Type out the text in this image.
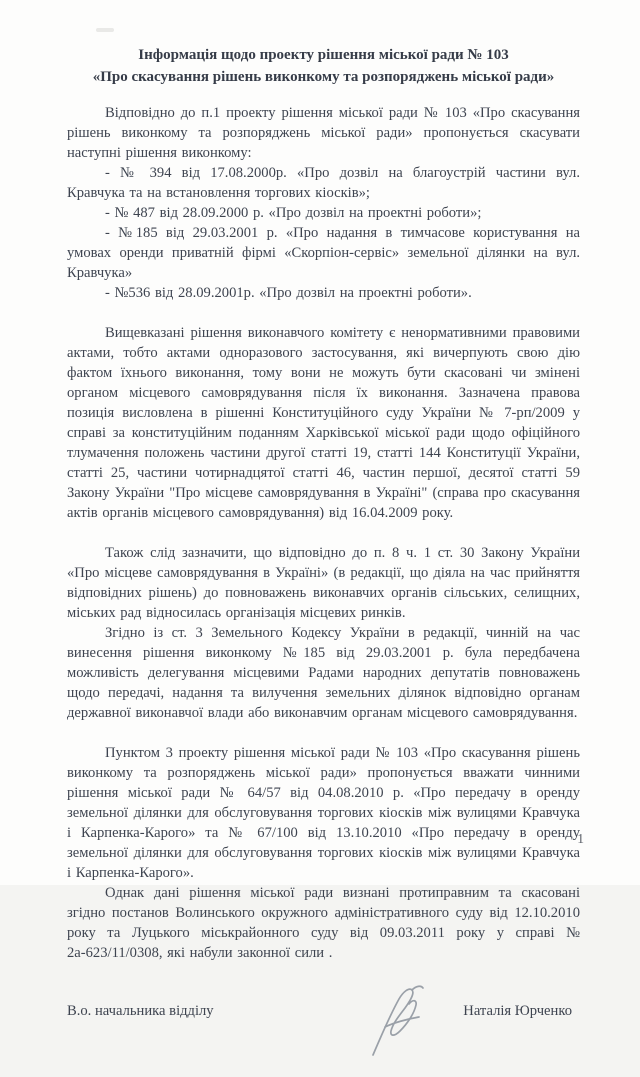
Інформація щодо проекту рішення міської ради № 103
«Про скасування рішень виконкому та розпоряджень міської ради»

Відповідно до п.1 проекту рішення міської ради № 103 «Про скасування рішень виконкому та розпоряджень міської ради» пропонується скасувати наступні рішення виконкому:

- № 394 від 17.08.2000р. «Про дозвіл на благоустрій частини вул. Кравчука та на встановлення торгових кіосків»;

- № 487 від 28.09.2000 р. «Про дозвіл на проектні роботи»;

- №185 від 29.03.2001 р. «Про надання в тимчасове користування на умовах оренди приватній фірмі «Скорпіон-сервіс» земельної ділянки на вул. Кравчука»

- №536 від 28.09.2001р. «Про дозвіл на проектні роботи».

Вищевказані рішення виконавчого комітету є ненормативними правовими актами, тобто актами одноразового застосування, які вичерпують свою дію фактом їхнього виконання, тому вони не можуть бути скасовані чи змінені органом місцевого самоврядування після їх виконання. Зазначена правова позиція висловлена в рішенні Конституційного суду України № 7-рп/2009 у справі за конституційним поданням Харківської міської ради щодо офіційного тлумачення положень частини другої статті 19, статті 144 Конституції України, статті 25, частини чотирнадцятої статті 46, частин першої, десятої статті 59 Закону України "Про місцеве самоврядування в Україні" (справа про скасування актів органів місцевого самоврядування) від 16.04.2009 року.

Також слід зазначити, що відповідно до п. 8 ч. 1 ст. 30 Закону України «Про місцеве самоврядування в Україні» (в редакції, що діяла на час прийняття відповідних рішень) до повноважень виконавчих органів сільських, селищних, міських рад відносилась організація місцевих ринків.

Згідно із ст. 3 Земельного Кодексу України в редакції, чинній на час винесення рішення виконкому №185 від 29.03.2001 р. була передбачена можливість делегування місцевими Радами народних депутатів повноважень щодо передачі, надання та вилучення земельних ділянок відповідно органам державної виконавчої влади або виконавчим органам місцевого самоврядування.

Пунктом 3 проекту рішення міської ради № 103 «Про скасування рішень виконкому та розпоряджень міської ради» пропонується вважати чинними рішення міської ради № 64/57 від 04.08.2010 р. «Про передачу в оренду земельної ділянки для обслуговування торгових кіосків між вулицями Кравчука і Карпенка-Карого» та № 67/100 від 13.10.2010 «Про передачу в оренду земельної ділянки для обслуговування торгових кіосків між вулицями Кравчука і Карпенка-Карого».

Однак дані рішення міської ради визнані протиправним та скасовані згідно постанов Волинського окружного адміністративного суду від 12.10.2010 року та Луцького міськрайонного суду від 09.03.2011 року у справі № 2а-623/11/0308, які набули законної сили .

В.о. начальника відділу	Наталія Юрченко
1
